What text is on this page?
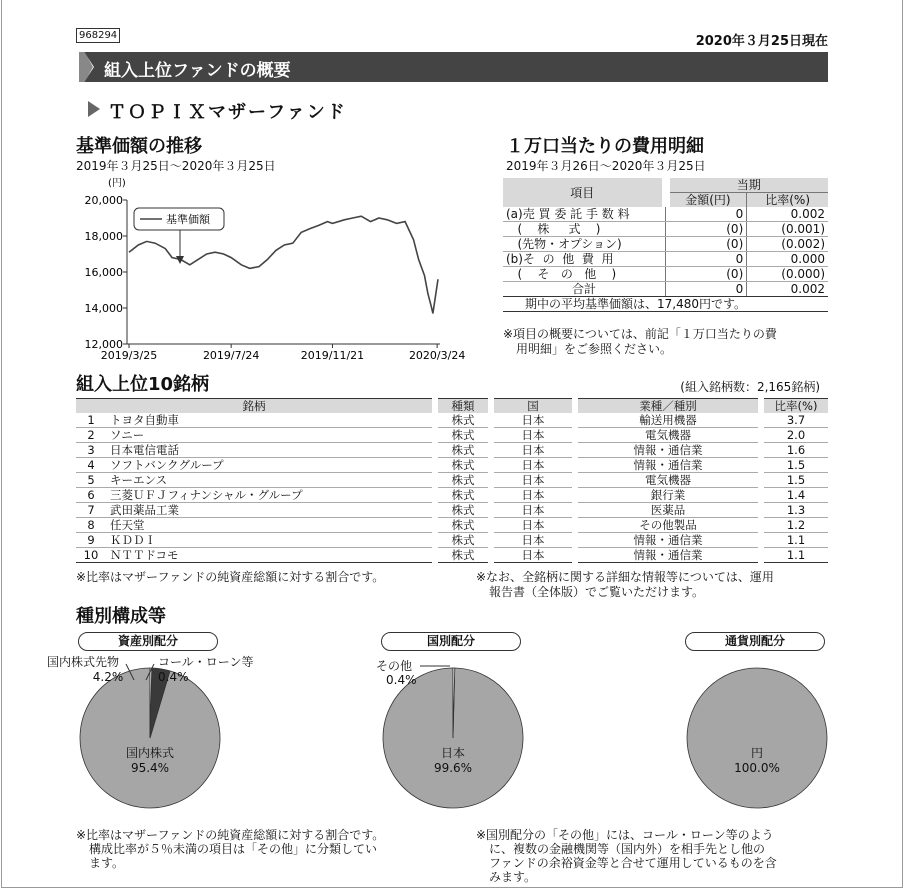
968294	2020年３月25日現在
組入上位ファンドの概要
ＴＯＰＩＸマザーファンド
基準価額の推移
2019年３月25日～2020年３月25日
(円)
20,000
18,000
16,000
14,000
12,000
2019/3/25	2019/7/24	2019/11/21	2020/3/24
基準価額
１万口当たりの費用明細
2019年３月26日～2020年３月25日
項目	当期	
	金額(円)	比率(%)
(a)売 買 委 託 手 数 料	0	0.002
(    株     式    )	(0)	(0.001)
(先物・オプション)	(0)	(0.002)
(b)そ  の  他  費  用	0	0.000
(    そ   の   他    )	(0)	(0.000)
合計	0	0.002
期中の平均基準価額は、17,480円です。		
※項目の概要については、前記「１万口当たりの費
用明細」をご参照ください。
組入上位10銘柄	(組入銘柄数：2,165銘柄)
銘柄			種類		国		業種／種別		比率(%)
1	トヨタ自動車		株式		日本		輸送用機器		3.7
2	ソニー		株式		日本		電気機器		2.0
3	日本電信電話		株式		日本		情報・通信業		1.6
4	ソフトバンクグループ		株式		日本		情報・通信業		1.5
5	キーエンス		株式		日本		電気機器		1.5
6	三菱ＵＦＪフィナンシャル・グループ		株式		日本		銀行業		1.4
7	武田薬品工業		株式		日本		医薬品		1.3
8	任天堂		株式		日本		その他製品		1.2
9	ＫＤＤＩ		株式		日本		情報・通信業		1.1
10	ＮＴＴドコモ		株式		日本		情報・通信業		1.1
※比率はマザーファンドの純資産総額に対する割合です。	※なお、全銘柄に関する詳細な情報等については、運用
報告書（全体版）でご覧いただけます。
種別構成等
資産別配分	国別配分	通貨別配分
国内株式先物
4.2%
コール・ローン等
0.4%
国内株式
95.4%
その他
0.4%
日本
99.6%
円
100.0%
※比率はマザーファンドの純資産総額に対する割合です。
構成比率が５％未満の項目は「その他」に分類してい
ます。
※国別配分の「その他」には、コール・ローン等のよう
に、複数の金融機関等（国内外）を相手先とし他の
ファンドの余裕資金等と合せて運用しているものを含
みます。
